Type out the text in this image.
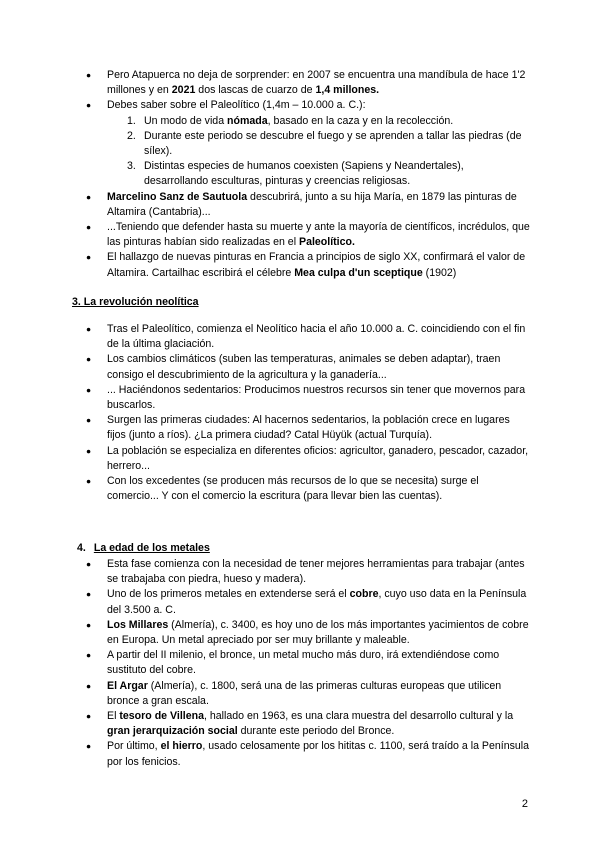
● Pero Atapuerca no deja de sorprender: en 2007 se encuentra una mandíbula de hace 1'2 millones y en 2021 dos lascas de cuarzo de 1,4 millones.
● Debes saber sobre el Paleolítico (1,4m – 10.000 a. C.):
1. Un modo de vida nómada, basado en la caza y en la recolección.
2. Durante este periodo se descubre el fuego y se aprenden a tallar las piedras (de sílex).
3. Distintas especies de humanos coexisten (Sapiens y Neandertales), desarrollando esculturas, pinturas y creencias religiosas.
● Marcelino Sanz de Sautuola descubrirá, junto a su hija María, en 1879 las pinturas de Altamira (Cantabria)...
● ...Teniendo que defender hasta su muerte y ante la mayoría de científicos, incrédulos, que las pinturas habían sido realizadas en el Paleolítico.
● El hallazgo de nuevas pinturas en Francia a principios de siglo XX, confirmará el valor de Altamira. Cartailhac escribirá el célebre Mea culpa d'un sceptique (1902)
3. La revolución neolítica
● Tras el Paleolítico, comienza el Neolítico hacia el año 10.000 a. C. coincidiendo con el fin de la última glaciación.
● Los cambios climáticos (suben las temperaturas, animales se deben adaptar), traen consigo el descubrimiento de la agricultura y la ganadería...
● ... Haciéndonos sedentarios: Producimos nuestros recursos sin tener que movernos para buscarlos.
● Surgen las primeras ciudades: Al hacernos sedentarios, la población crece en lugares fijos (junto a ríos). ¿La primera ciudad? Catal Hüyük (actual Turquía).
● La población se especializa en diferentes oficios: agricultor, ganadero, pescador, cazador, herrero...
● Con los excedentes (se producen más recursos de lo que se necesita) surge el comercio... Y con el comercio la escritura (para llevar bien las cuentas).
4. La edad de los metales
● Esta fase comienza con la necesidad de tener mejores herramientas para trabajar (antes se trabajaba con piedra, hueso y madera).
● Uno de los primeros metales en extenderse será el cobre, cuyo uso data en la Península del 3.500 a. C.
● Los Millares (Almería), c. 3400, es hoy uno de los más importantes yacimientos de cobre en Europa. Un metal apreciado por ser muy brillante y maleable.
● A partir del II milenio, el bronce, un metal mucho más duro, irá extendiéndose como sustituto del cobre.
● El Argar (Almería), c. 1800, será una de las primeras culturas europeas que utilicen bronce a gran escala.
● El tesoro de Villena, hallado en 1963, es una clara muestra del desarrollo cultural y la gran jerarquización social durante este periodo del Bronce.
● Por último, el hierro, usado celosamente por los hititas c. 1100, será traído a la Península por los fenicios.
2
